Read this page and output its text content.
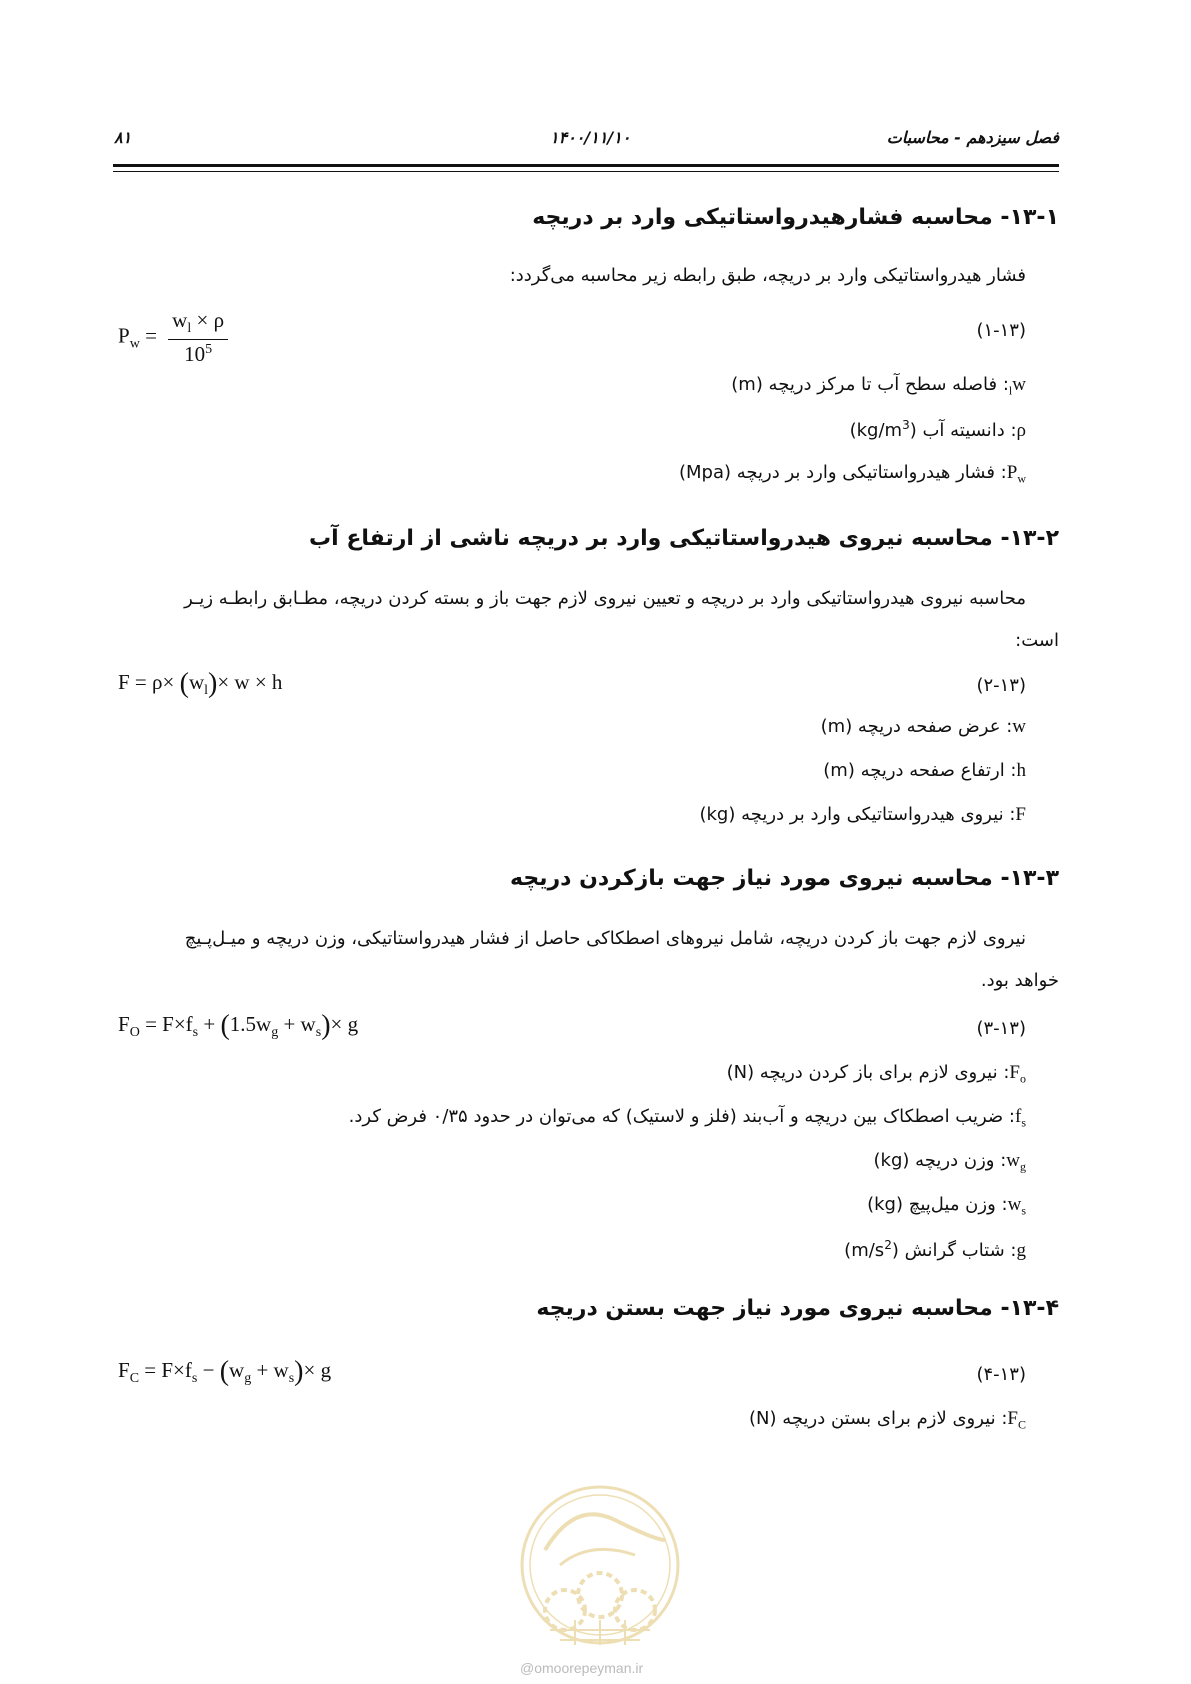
فصل سیزدهم - محاسبات
۱۴۰۰/۱۱/۱۰
۸۱
۱۳-۱- محاسبه فشارهیدرواستاتیکی وارد بر دریچه
فشار هیدرواستاتیکی وارد بر دریچه، طبق رابطه زیر محاسبه می‌گردد:
(۱-۱۳)
$P_w = \frac{w_l \times \rho}{10^5}$
$w_l$: فاصله سطح آب تا مرکز دریچه (m)
ρ: دانسیته آب $(kg/m^3)$
$P_w$: فشار هیدرواستاتیکی وارد بر دریچه (Mpa)
۱۳-۲- محاسبه نیروی هیدرواستاتیکی وارد بر دریچه ناشی از ارتفاع آب
محاسبه نیروی هیدرواستاتیکی وارد بر دریچه و تعیین نیروی لازم جهت باز و بسته کردن دریچه، مطـابق رابطـه زیـر
است:
(۲-۱۳)
$F = \rho\times (w_l)\times w \times h$
w: عرض صفحه دریچه (m)
h: ارتفاع صفحه دریچه (m)
F: نیروی هیدرواستاتیکی وارد بر دریچه (kg)
۱۳-۳- محاسبه نیروی مورد نیاز جهت بازکردن دریچه
نیروی لازم جهت باز کردن دریچه، شامل نیروهای اصطکاکی حاصل از فشار هیدرواستاتیکی، وزن دریچه و میـل‌پـیچ
خواهد بود.
(۳-۱۳)
$F_O = F\times f_s + (1.5w_g + w_s)\times g$
$F_o$: نیروی لازم برای باز کردن دریچه (N)
$f_s$: ضریب اصطکاک بین دریچه و آب‌بند (فلز و لاستیک) که می‌توان در حدود ۰/۳۵ فرض کرد.
$w_g$: وزن دریچه (kg)
$w_s$: وزن میل‌پیچ (kg)
g: شتاب گرانش $(m/s^2)$
۱۳-۴- محاسبه نیروی مورد نیاز جهت بستن دریچه
(۴-۱۳)
$F_C = F\times f_s - (w_g + w_s)\times g$
$F_C$: نیروی لازم برای بستن دریچه (N)
@omoorepeyman.ir
